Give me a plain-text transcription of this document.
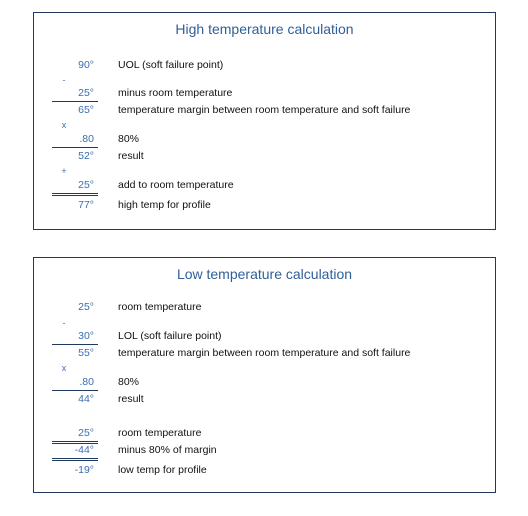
High temperature calculation
90° UOL (soft failure point)
-
25° minus room temperature
65° temperature margin between room temperature and soft failure
x
.80 80%
52° result
+
25° add to room temperature
77° high temp for profile
Low temperature calculation
25° room temperature
-
30° LOL (soft failure point)
55° temperature margin between room temperature and soft failure
x
.80 80%
44° result
25° room temperature
-44° minus 80% of margin
-19° low temp for profile
